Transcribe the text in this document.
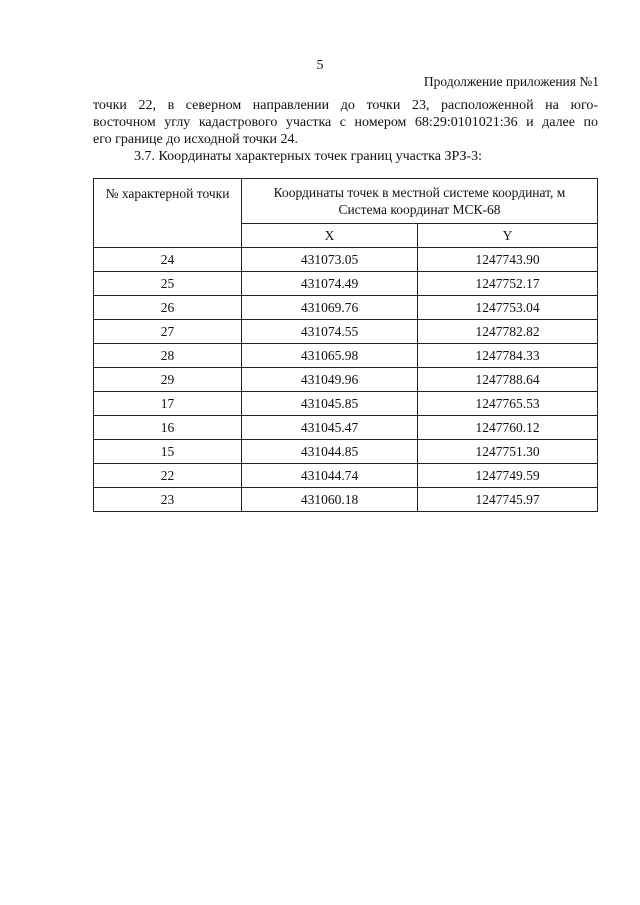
5
Продолжение приложения №1
точки 22, в северном направлении до точки 23, расположенной на юго-
восточном углу кадастрового участка с номером 68:29:0101021:36 и далее по
его границе до исходной точки 24.
3.7. Координаты характерных точек границ участка ЗРЗ-3:
№ характерной точки	Координаты точек в местной системе координат, м
Система координат МСК-68	

	X	Y
24	431073.05	1247743.90
25	431074.49	1247752.17
26	431069.76	1247753.04
27	431074.55	1247782.82
28	431065.98	1247784.33
29	431049.96	1247788.64
17	431045.85	1247765.53
16	431045.47	1247760.12
15	431044.85	1247751.30
22	431044.74	1247749.59
23	431060.18	1247745.97
